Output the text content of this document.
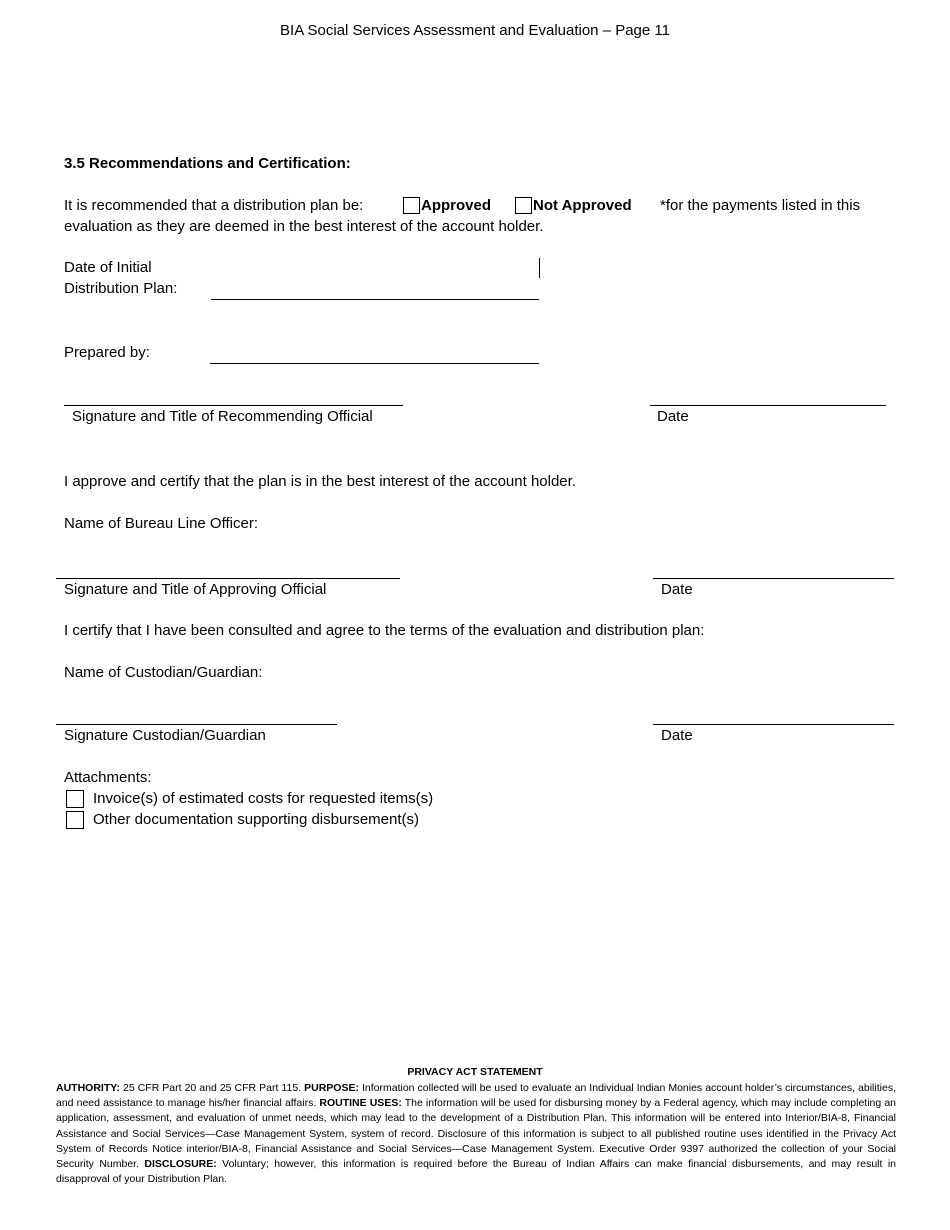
BIA Social Services Assessment and Evaluation – Page 11
3.5 Recommendations and Certification:
It is recommended that a distribution plan be:	Approved	Not Approved *for the payments listed in this
evaluation as they are deemed in the best interest of the account holder.
Date of Initial
Distribution Plan:
Prepared by:
Signature and Title of Recommending Official	Date
I approve and certify that the plan is in the best interest of the account holder.
Name of Bureau Line Officer:
Signature and Title of Approving Official	Date
I certify that I have been consulted and agree to the terms of the evaluation and distribution plan:
Name of Custodian/Guardian:
Signature Custodian/Guardian	Date
Attachments:
Invoice(s) of estimated costs for requested items(s)
Other documentation supporting disbursement(s)
PRIVACY ACT STATEMENT
AUTHORITY: 25 CFR Part 20 and 25 CFR Part 115. PURPOSE: Information collected will be used to evaluate an Individual Indian Monies account holder’s circumstances, abilities, and need assistance to manage his/her financial affairs. ROUTINE USES: The information will be used for disbursing money by a Federal agency, which may include completing an application, assessment, and evaluation of unmet needs, which may lead to the development of a Distribution Plan. This information will be entered into Interior/BIA-8, Financial Assistance and Social Services—Case Management System, system of record. Disclosure of this information is subject to all published routine uses identified in the Privacy Act System of Records Notice interior/BIA-8, Financial Assistance and Social Services—Case Management System. Executive Order 9397 authorized the collection of your Social Security Number. DISCLOSURE: Voluntary; however, this information is required before the Bureau of Indian Affairs can make financial disbursements, and may result in disapproval of your Distribution Plan.
